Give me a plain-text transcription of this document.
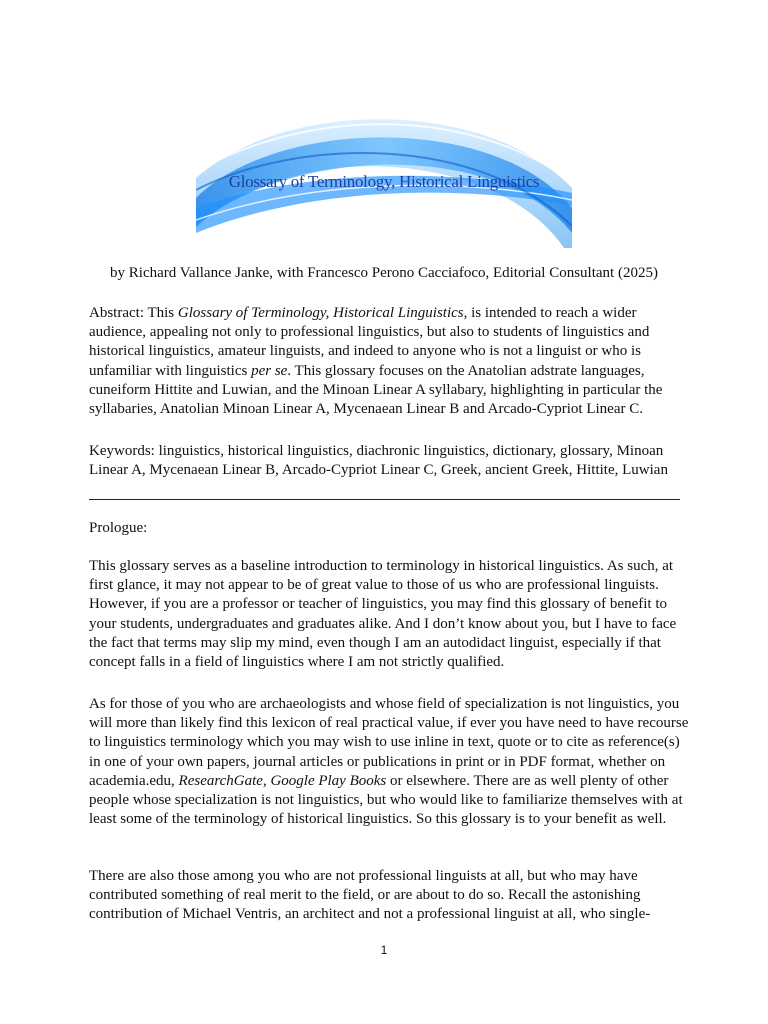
Glossary of Terminology, Historical Linguistics
by Richard Vallance Janke, with Francesco Perono Cacciafoco, Editorial Consultant (2025)

Abstract: This Glossary of Terminology, Historical Linguistics, is intended to reach a wider audience, appealing not only to professional linguistics, but also to students of linguistics and historical linguistics, amateur linguists, and indeed to anyone who is not a linguist or who is unfamiliar with linguistics per se. This glossary focuses on the Anatolian adstrate languages, cuneiform Hittite and Luwian, and the Minoan Linear A syllabary, highlighting in particular the syllabaries, Anatolian Minoan Linear A, Mycenaean Linear B and Arcado-Cypriot Linear C.

Keywords: linguistics, historical linguistics, diachronic linguistics, dictionary, glossary, Minoan Linear A, Mycenaean Linear B, Arcado-Cypriot Linear C, Greek, ancient Greek, Hittite, Luwian

Prologue:

This glossary serves as a baseline introduction to terminology in historical linguistics. As such, at first glance, it may not appear to be of great value to those of us who are professional linguists. However, if you are a professor or teacher of linguistics, you may find this glossary of benefit to your students, undergraduates and graduates alike. And I don’t know about you, but I have to face the fact that terms may slip my mind, even though I am an autodidact linguist, especially if that concept falls in a field of linguistics where I am not strictly qualified.

As for those of you who are archaeologists and whose field of specialization is not linguistics, you will more than likely find this lexicon of real practical value, if ever you have need to have recourse to linguistics terminology which you may wish to use inline in text, quote or to cite as reference(s) in one of your own papers, journal articles or publications in print or in PDF format, whether on academia.edu, ResearchGate, Google Play Books or elsewhere. There are as well plenty of other people whose specialization is not linguistics, but who would like to familiarize themselves with at least some of the terminology of historical linguistics. So this glossary is to your benefit as well.

There are also those among you who are not professional linguists at all, but who may have contributed something of real merit to the field, or are about to do so. Recall the astonishing contribution of Michael Ventris, an architect and not a professional linguist at all, who single-

1
